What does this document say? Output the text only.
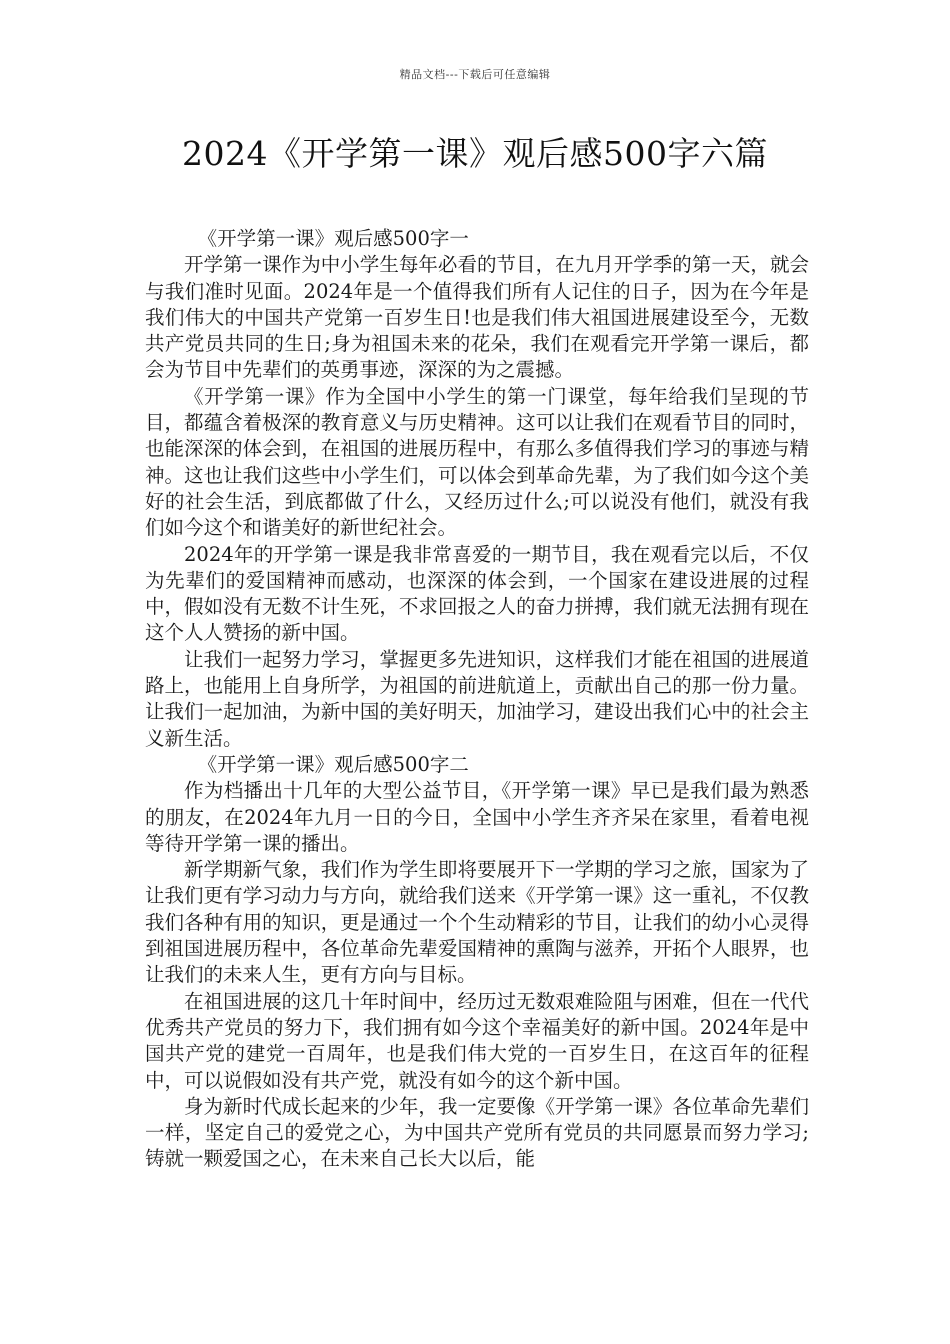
精品文档---下载后可任意编辑
2024《开学第一课》观后感500字六篇

《开学第一课》观后感500字一

开学第一课作为中小学生每年必看的节目，在九月开学季的第一天，就会与我们准时见面。2024年是一个值得我们所有人记住的日子，因为在今年是我们伟大的中国共产党第一百岁生日!也是我们伟大祖国进展建设至今，无数共产党员共同的生日;身为祖国未来的花朵，我们在观看完开学第一课后，都会为节目中先辈们的英勇事迹，深深的为之震撼。

《开学第一课》作为全国中小学生的第一门课堂，每年给我们呈现的节目，都蕴含着极深的教育意义与历史精神。这可以让我们在观看节目的同时，也能深深的体会到，在祖国的进展历程中，有那么多值得我们学习的事迹与精神。这也让我们这些中小学生们，可以体会到革命先辈，为了我们如今这个美好的社会生活，到底都做了什么，又经历过什么;可以说没有他们，就没有我们如今这个和谐美好的新世纪社会。

2024年的开学第一课是我非常喜爱的一期节目，我在观看完以后，不仅为先辈们的爱国精神而感动，也深深的体会到，一个国家在建设进展的过程中，假如没有无数不计生死，不求回报之人的奋力拼搏，我们就无法拥有现在这个人人赞扬的新中国。

让我们一起努力学习，掌握更多先进知识，这样我们才能在祖国的进展道路上，也能用上自身所学，为祖国的前进航道上，贡献出自己的那一份力量。让我们一起加油，为新中国的美好明天，加油学习，建设出我们心中的社会主义新生活。

《开学第一课》观后感500字二

作为档播出十几年的大型公益节目，《开学第一课》早已是我们最为熟悉的朋友，在2024年九月一日的今日，全国中小学生齐齐呆在家里，看着电视等待开学第一课的播出。

新学期新气象，我们作为学生即将要展开下一学期的学习之旅，国家为了让我们更有学习动力与方向，就给我们送来《开学第一课》这一重礼，不仅教我们各种有用的知识，更是通过一个个生动精彩的节目，让我们的幼小心灵得到祖国进展历程中，各位革命先辈爱国精神的熏陶与滋养，开拓个人眼界，也让我们的未来人生，更有方向与目标。

在祖国进展的这几十年时间中，经历过无数艰难险阻与困难，但在一代代优秀共产党员的努力下，我们拥有如今这个幸福美好的新中国。2024年是中国共产党的建党一百周年，也是我们伟大党的一百岁生日，在这百年的征程中，可以说假如没有共产党，就没有如今的这个新中国。

身为新时代成长起来的少年，我一定要像《开学第一课》各位革命先辈们一样，坚定自己的爱党之心，为中国共产党所有党员的共同愿景而努力学习;铸就一颗爱国之心，在未来自己长大以后，能
